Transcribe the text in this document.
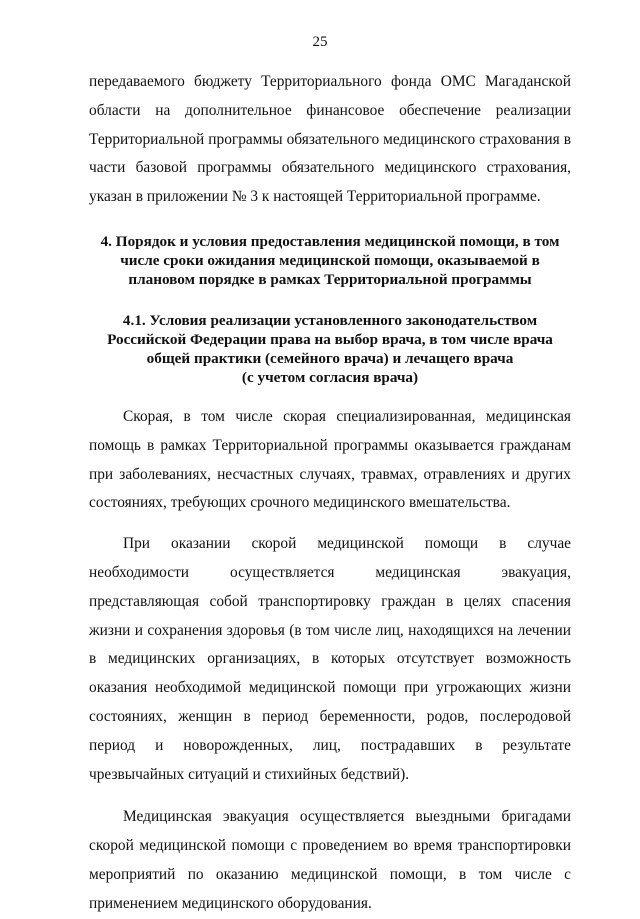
25

передаваемого бюджету Территориального фонда ОМС Магаданской области на дополнительное финансовое обеспечение реализации Территориальной программы обязательного медицинского страхования в части базовой программы обязательного медицинского страхования, указан в приложении № 3 к настоящей Территориальной программе.

4. Порядок и условия предоставления медицинской помощи, в том

числе сроки ожидания медицинской помощи, оказываемой в

плановом порядке в рамках Территориальной программы

4.1. Условия реализации установленного законодательством

Российской Федерации права на выбор врача, в том числе врача

общей практики (семейного врача) и лечащего врача

(с учетом согласия врача)

Скорая, в том числе скорая специализированная, медицинская помощь в рамках Территориальной программы оказывается гражданам при заболеваниях, несчастных случаях, травмах, отравлениях и других состояниях, требующих срочного медицинского вмешательства.

При оказании скорой медицинской помощи в случае необходимости осуществляется медицинская эвакуация, представляющая собой транспортировку граждан в целях спасения жизни и сохранения здоровья (в том числе лиц, находящихся на лечении в медицинских организациях, в которых отсутствует возможность оказания необходимой медицинской помощи при угрожающих жизни состояниях, женщин в период беременности, родов, послеродовой период и новорожденных, лиц, пострадавших в результате чрезвычайных ситуаций и стихийных бедствий).

Медицинская эвакуация осуществляется выездными бригадами скорой медицинской помощи с проведением во время транспортировки мероприятий по оказанию медицинской помощи, в том числе с применением медицинского оборудования.
